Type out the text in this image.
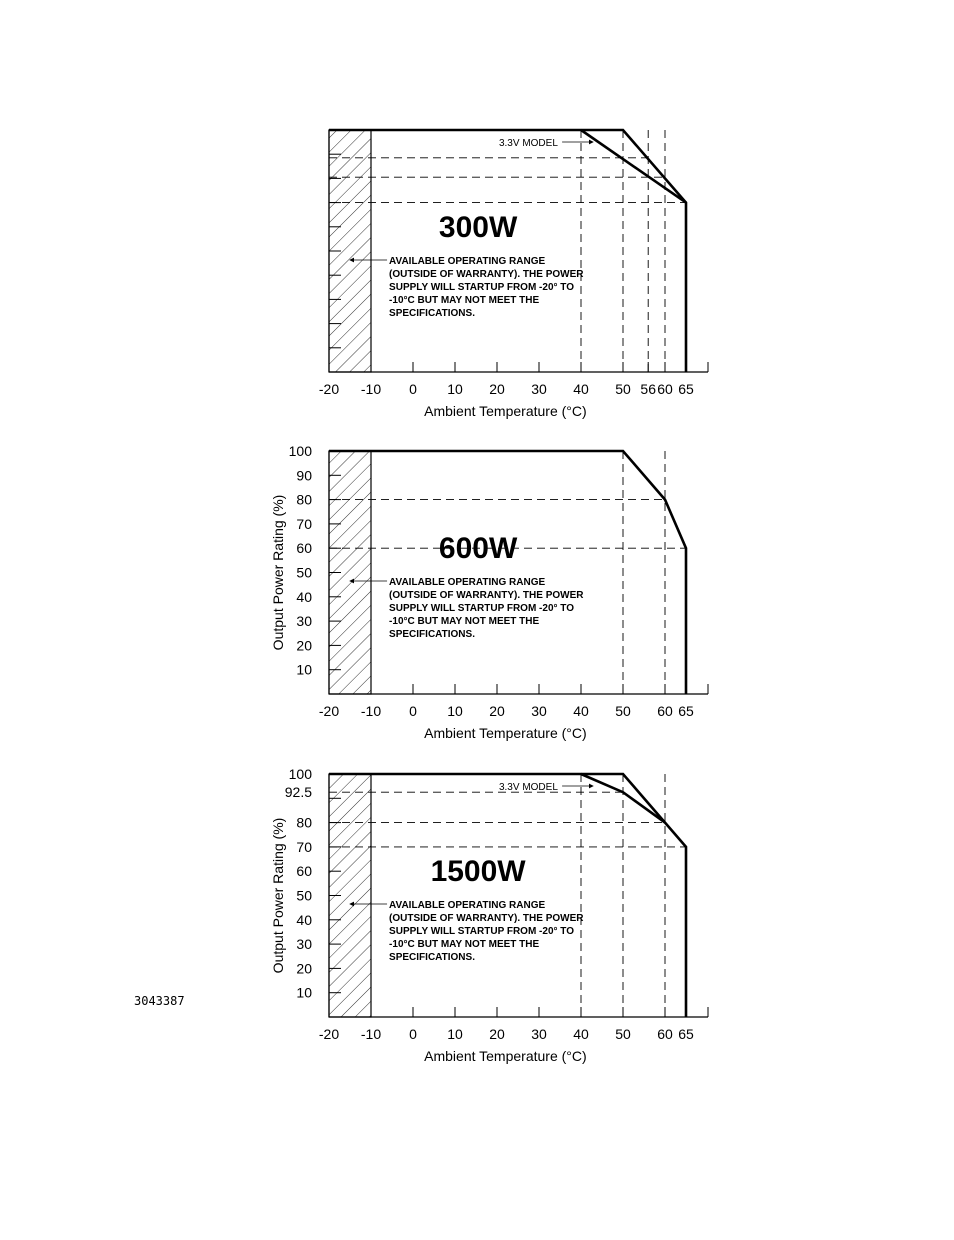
-20 -10 0 10 20 30 40 50 56 60 65
Ambient Temperature (°C)
3.3V MODEL
300W
AVAILABLE OPERATING RANGE
(OUTSIDE OF WARRANTY). THE POWER
SUPPLY WILL STARTUP FROM -20° TO
-10°C BUT MAY NOT MEET THE
SPECIFICATIONS.
-20 -10 0 10 20 30 40 50 60 65
Ambient Temperature (°C)
100
90
80
70
60
50
40
30
20
10
Output Power Rating (%)	600W
AVAILABLE OPERATING RANGE
(OUTSIDE OF WARRANTY). THE POWER
SUPPLY WILL STARTUP FROM -20° TO
-10°C BUT MAY NOT MEET THE
SPECIFICATIONS.
-20 -10 0 10 20 30 40 50 60 65
Ambient Temperature (°C)
100
92.5
80
70
60
50
40
30
20
10
Output Power Rating (%)
3.3V MODEL
1500W
AVAILABLE OPERATING RANGE
(OUTSIDE OF WARRANTY). THE POWER
SUPPLY WILL STARTUP FROM -20° TO
-10°C BUT MAY NOT MEET THE
SPECIFICATIONS.
3043387
